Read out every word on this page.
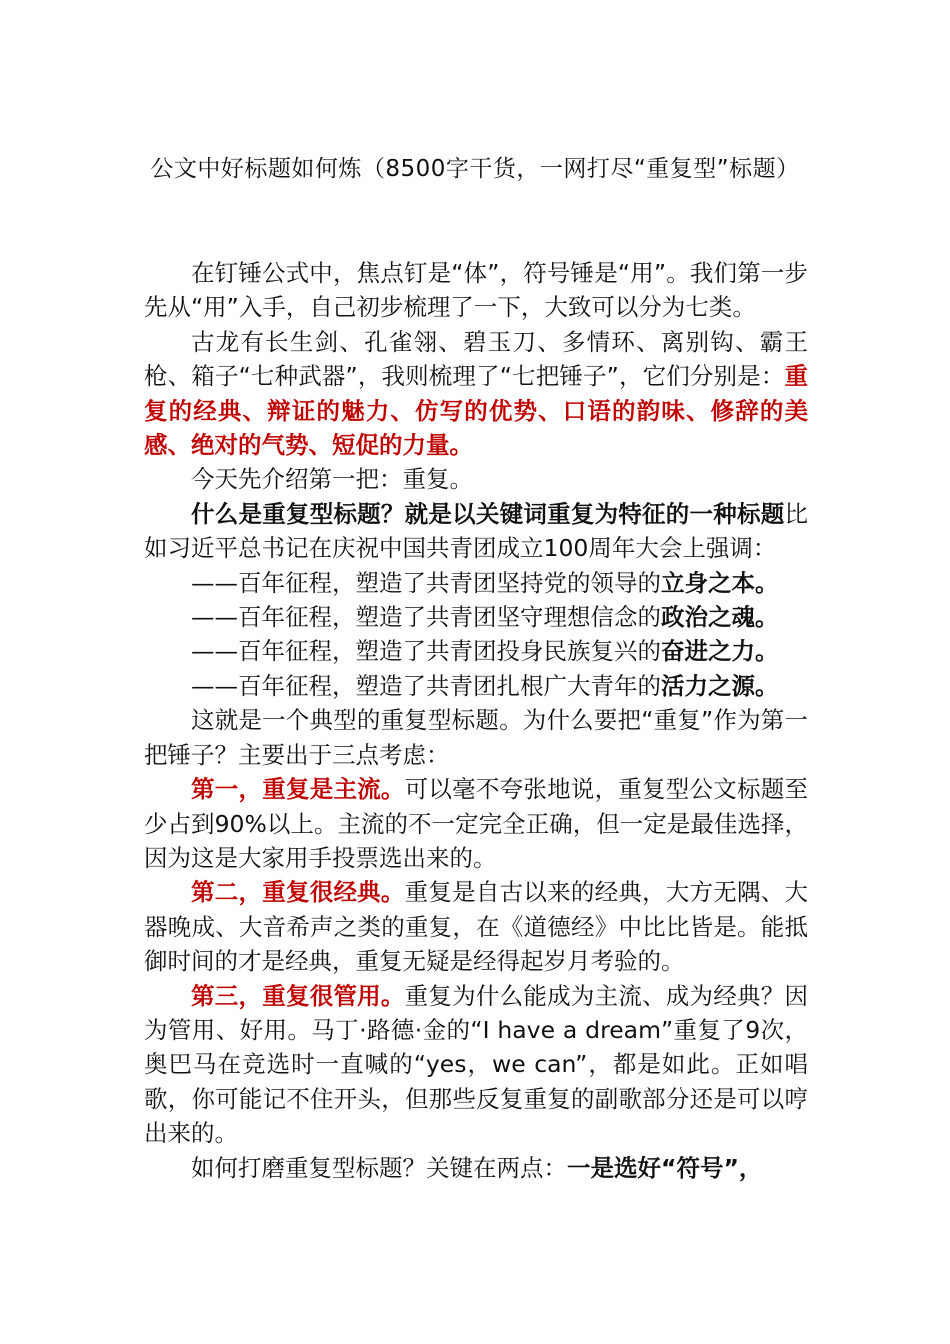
公文中好标题如何炼（8500字干货，一网打尽“重复型”标题）

在钉锤公式中，焦点钉是“体”，符号锤是“用”。我们第一步先从“用”入手，自己初步梳理了一下，大致可以分为七类。

古龙有长生剑、孔雀翎、碧玉刀、多情环、离别钩、霸王枪、箱子“七种武器”，我则梳理了“七把锤子”，它们分别是：重复的经典、辩证的魅力、仿写的优势、口语的韵味、修辞的美感、绝对的气势、短促的力量。

今天先介绍第一把：重复。

什么是重复型标题？就是以关键词重复为特征的一种标题比如习近平总书记在庆祝中国共青团成立100周年大会上强调：

——百年征程，塑造了共青团坚持党的领导的立身之本。

——百年征程，塑造了共青团坚守理想信念的政治之魂。

——百年征程，塑造了共青团投身民族复兴的奋进之力。

——百年征程，塑造了共青团扎根广大青年的活力之源。

这就是一个典型的重复型标题。为什么要把“重复”作为第一把锤子？主要出于三点考虑：

第一，重复是主流。可以毫不夸张地说，重复型公文标题至少占到90%以上。主流的不一定完全正确，但一定是最佳选择，因为这是大家用手投票选出来的。

第二，重复很经典。重复是自古以来的经典，大方无隅、大器晚成、大音希声之类的重复，在《道德经》中比比皆是。能抵御时间的才是经典，重复无疑是经得起岁月考验的。

第三，重复很管用。重复为什么能成为主流、成为经典？因为管用、好用。马丁·路德·金的“I have a dream”重复了9次，奥巴马在竞选时一直喊的“yes，we can”，都是如此。正如唱歌，你可能记不住开头，但那些反复重复的副歌部分还是可以哼出来的。

如何打磨重复型标题？关键在两点：一是选好“符号”，
